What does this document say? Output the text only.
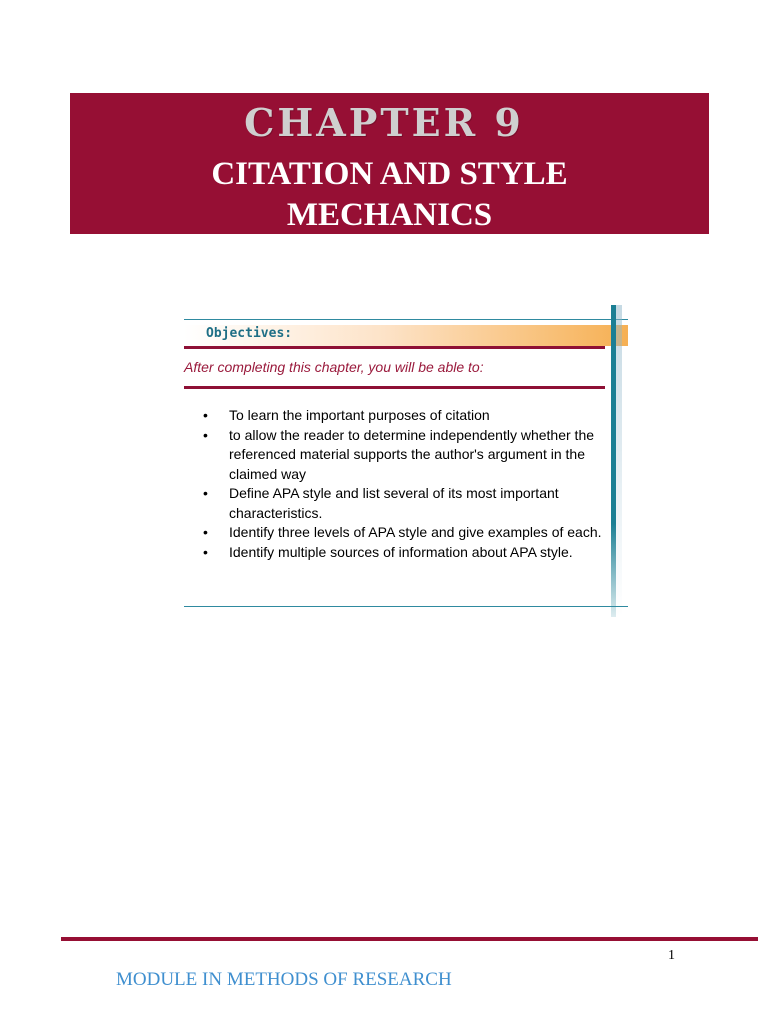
CHAPTER 9
CITATION AND STYLE
MECHANICS
Objectives:
After completing this chapter, you will be able to:
• To learn the important purposes of citation
• to allow the reader to determine independently whether the referenced material supports the author's argument in the claimed way
• Define APA style and list several of its most important characteristics.
• Identify three levels of APA style and give examples of each.
• Identify multiple sources of information about APA style.
1
MODULE IN METHODS OF RESEARCH
